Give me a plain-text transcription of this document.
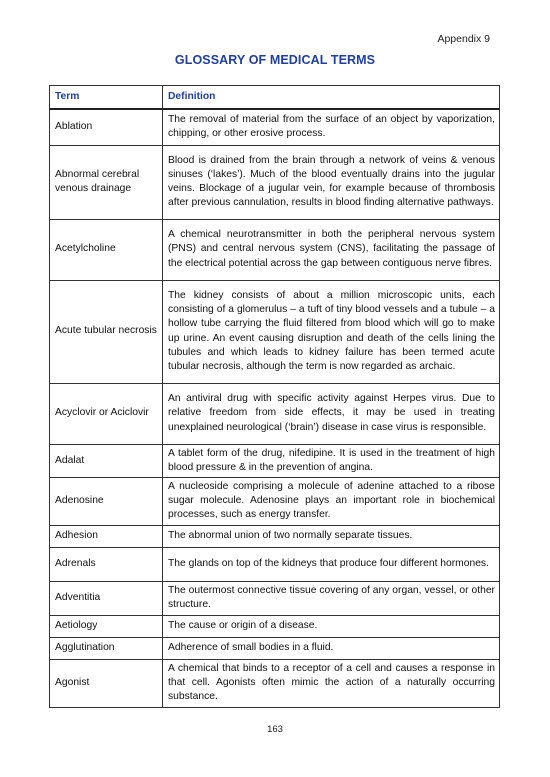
Appendix 9
GLOSSARY OF MEDICAL TERMS
Term	Definition
Ablation	The removal of material from the surface of an object by vaporization, chipping, or other erosive process.
Abnormal cerebral venous drainage	Blood is drained from the brain through a network of veins & venous sinuses (‘lakes’). Much of the blood eventually drains into the jugular veins. Blockage of a jugular vein, for example because of thrombosis after previous cannulation, results in blood finding alternative pathways.
Acetylcholine	A chemical neurotransmitter in both the peripheral nervous system (PNS) and central nervous system (CNS), facilitating the passage of the electrical potential across the gap between contiguous nerve fibres.
Acute tubular necrosis	The kidney consists of about a million microscopic units, each consisting of a glomerulus – a tuft of tiny blood vessels and a tubule – a hollow tube carrying the fluid filtered from blood which will go to make up urine. An event causing disruption and death of the cells lining the tubules and which leads to kidney failure has been termed acute tubular necrosis, although the term is now regarded as archaic.
Acyclovir or Aciclovir	An antiviral drug with specific activity against Herpes virus. Due to relative freedom from side effects, it may be used in treating unexplained neurological (‘brain’) disease in case virus is responsible.
Adalat	A tablet form of the drug, nifedipine. It is used in the treatment of high blood pressure & in the prevention of angina.
Adenosine	A nucleoside comprising a molecule of adenine attached to a ribose sugar molecule. Adenosine plays an important role in biochemical processes, such as energy transfer.
Adhesion	The abnormal union of two normally separate tissues.
Adrenals	The glands on top of the kidneys that produce four different hormones.
Adventitia	The outermost connective tissue covering of any organ, vessel, or other structure.
Aetiology	The cause or origin of a disease.
Agglutination	Adherence of small bodies in a fluid.
Agonist	A chemical that binds to a receptor of a cell and causes a response in that cell. Agonists often mimic the action of a naturally occurring substance.
163
